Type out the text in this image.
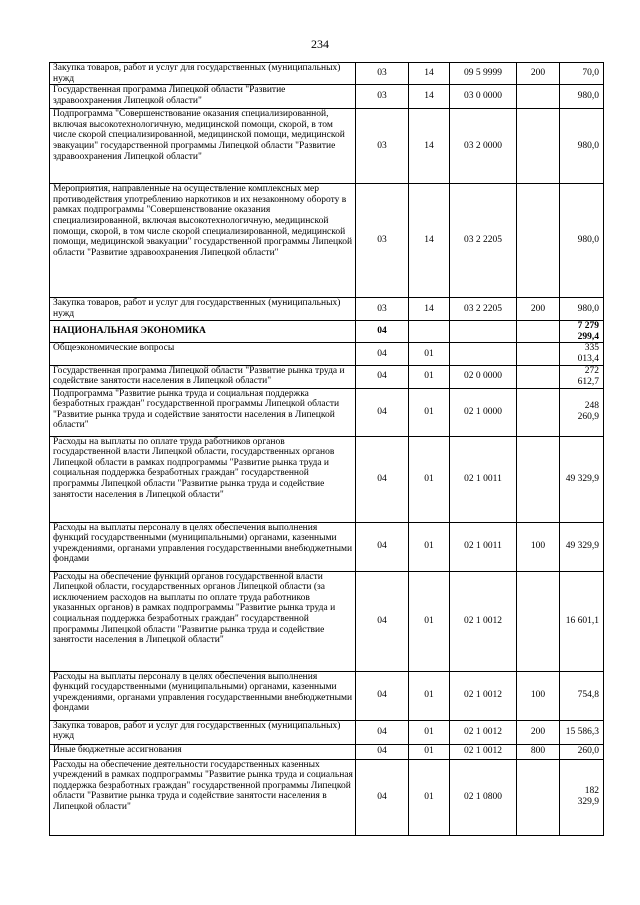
234
Закупка товаров, работ и услуг для государственных (муниципальных) нужд	03	14	09 5 9999	200	70,0
Государственная программа Липецкой области "Развитие здравоохранения Липецкой области"	03	14	03 0 0000		980,0
Подпрограмма "Совершенствование оказания специализированной, включая высокотехнологичную, медицинской помощи, скорой, в том числе скорой специализированной, медицинской помощи, медицинской эвакуации" государственной программы Липецкой области "Развитие здравоохранения Липецкой области"	03	14	03 2 0000		980,0
Мероприятия, направленные на осуществление комплексных мер противодействия употреблению наркотиков и их незаконному обороту в рамках подпрограммы "Совершенствование оказания специализированной, включая высокотехнологичную, медицинской помощи, скорой, в том числе скорой специализированной, медицинской помощи, медицинской эвакуации" государственной программы Липецкой области "Развитие здравоохранения Липецкой области"	03	14	03 2 2205		980,0
Закупка товаров, работ и услуг для государственных (муниципальных) нужд	03	14	03 2 2205	200	980,0
НАЦИОНАЛЬНАЯ ЭКОНОМИКА	04				7 279 299,4
Общеэкономические вопросы	04	01			335 013,4
Государственная программа Липецкой области "Развитие рынка труда и содействие занятости населения в Липецкой области"	04	01	02 0 0000		272 612,7
Подпрограмма "Развитие рынка труда и социальная поддержка безработных граждан" государственной программы Липецкой области "Развитие рынка труда и содействие занятости населения в Липецкой области"	04	01	02 1 0000		248 260,9
Расходы на выплаты по оплате труда работников органов государственной власти Липецкой области, государственных органов Липецкой области в рамках подпрограммы "Развитие рынка труда и социальная поддержка безработных граждан" государственной программы Липецкой области "Развитие рынка труда и содействие занятости населения в Липецкой области"	04	01	02 1 0011		49 329,9
Расходы на выплаты персоналу в целях обеспечения выполнения функций государственными (муниципальными) органами, казенными учреждениями, органами управления государственными внебюджетными фондами	04	01	02 1 0011	100	49 329,9
Расходы на обеспечение функций органов государственной власти Липецкой области, государственных органов Липецкой области (за исключением расходов на выплаты по оплате труда работников указанных органов) в рамках подпрограммы "Развитие рынка труда и социальная поддержка безработных граждан" государственной программы Липецкой области "Развитие рынка труда и содействие занятости населения в Липецкой области"	04	01	02 1 0012		16 601,1
Расходы на выплаты персоналу в целях обеспечения выполнения функций государственными (муниципальными) органами, казенными учреждениями, органами управления государственными внебюджетными фондами	04	01	02 1 0012	100	754,8
Закупка товаров, работ и услуг для государственных (муниципальных) нужд	04	01	02 1 0012	200	15 586,3
Иные бюджетные ассигнования	04	01	02 1 0012	800	260,0
Расходы на обеспечение деятельности государственных казенных учреждений в рамках подпрограммы "Развитие рынка труда и социальная поддержка безработных граждан" государственной программы Липецкой области "Развитие рынка труда и содействие занятости населения в Липецкой области"	04	01	02 1 0800		182 329,9
